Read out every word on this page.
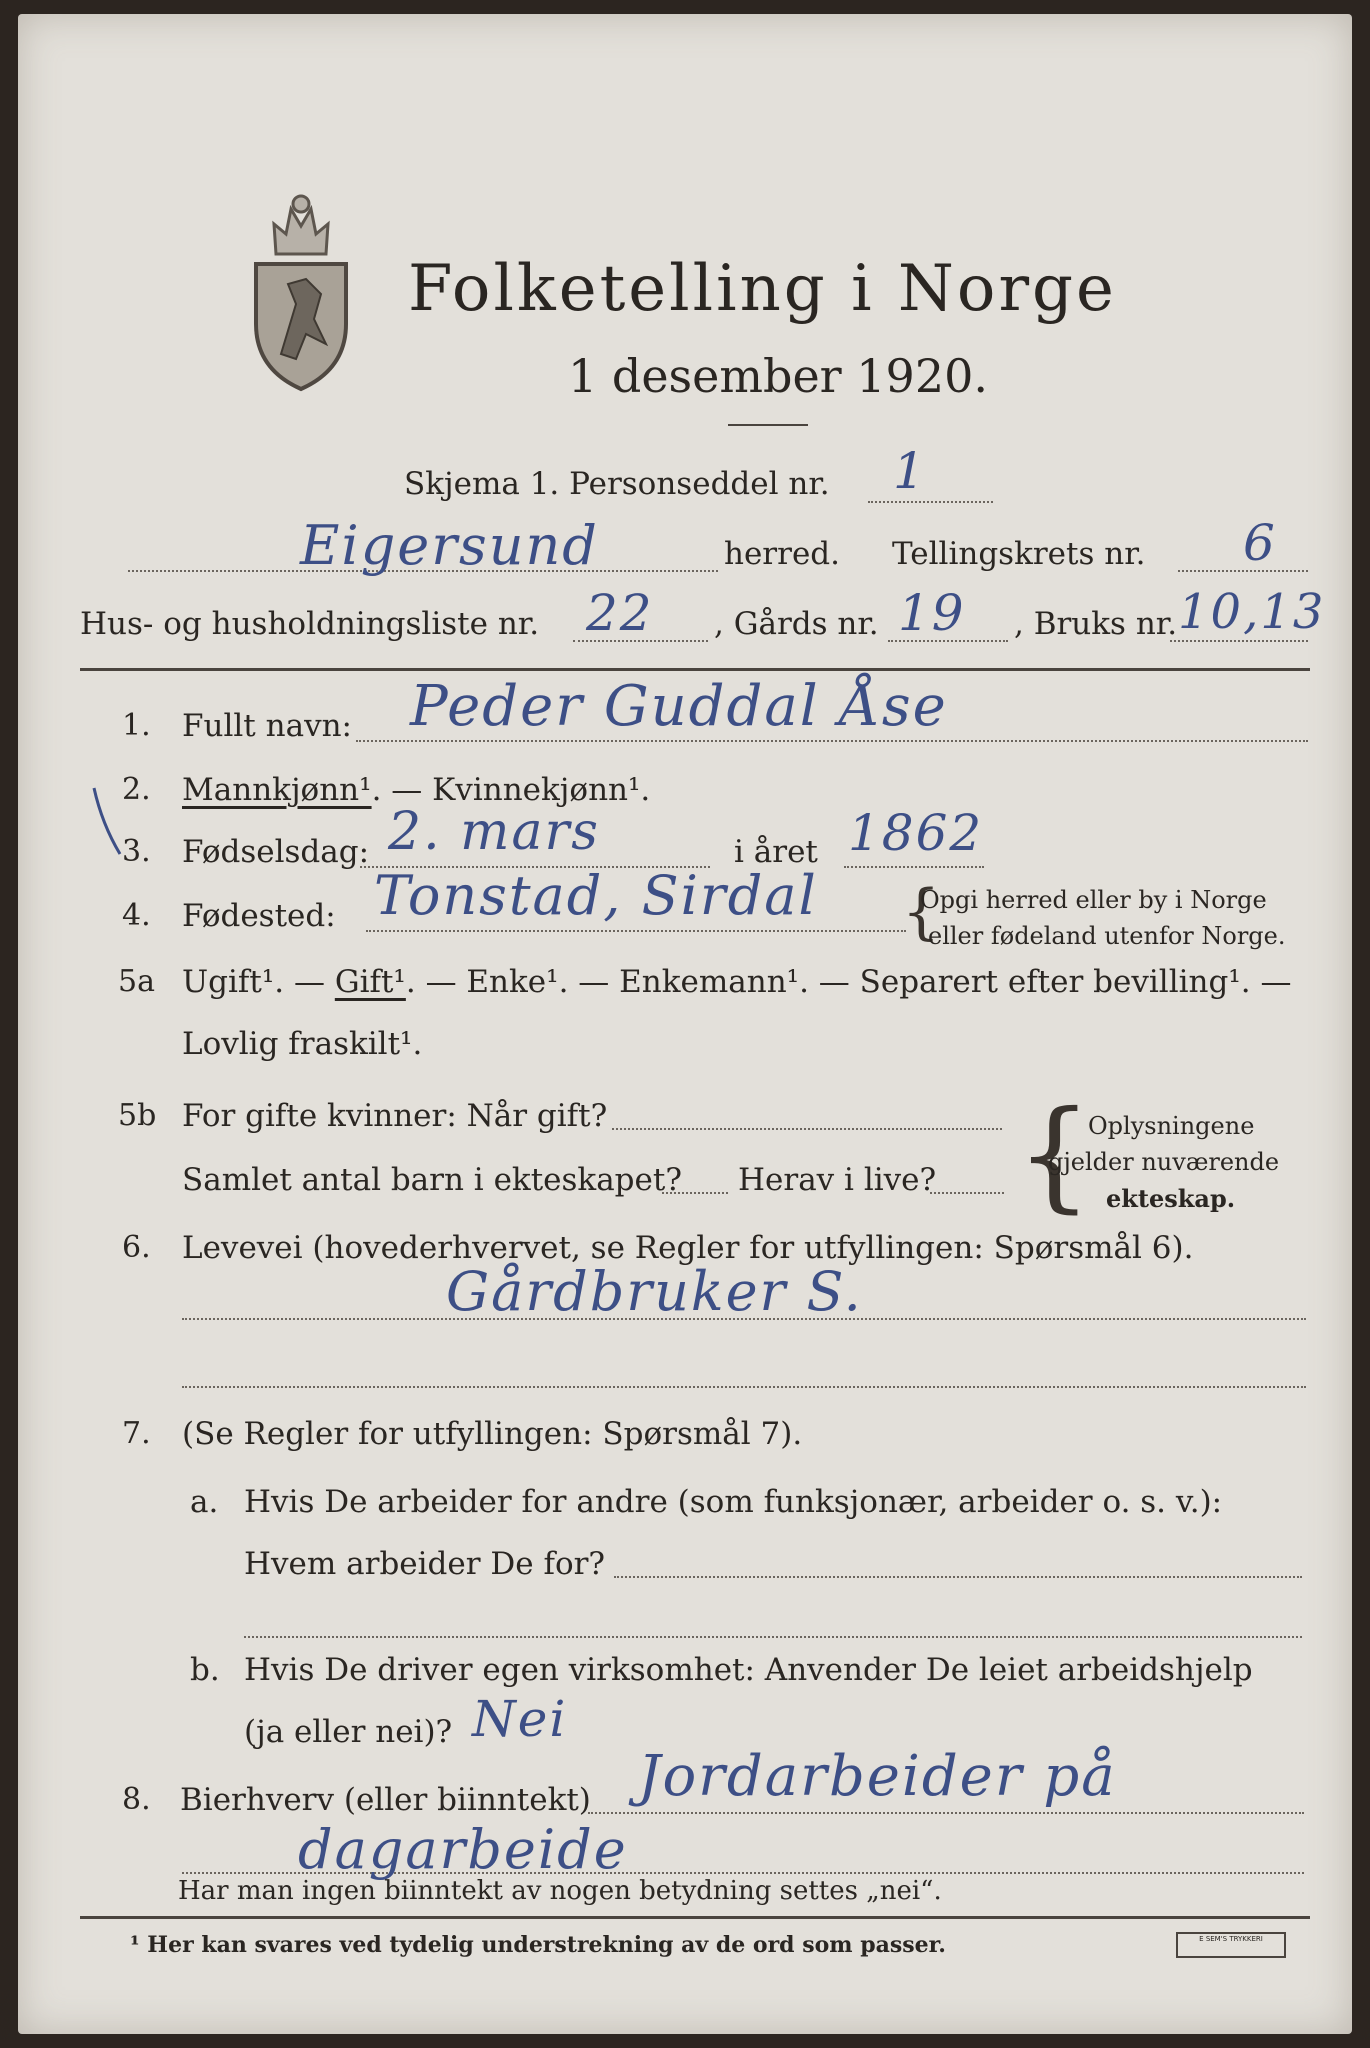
Folketelling i Norge
1 desember 1920.
Skjema 1. Personseddel nr. 1
Eigersund	herred. Tellingskrets nr. 6
Hus- og husholdningsliste nr. 22 , Gårds nr. 19 , Bruks nr. 10,13
1. Fullt navn: Peder Guddal Åse
2. Mannkjønn¹. — Kvinnekjønn¹.
3. Fødselsdag: 2. mars	i året 1862
4. Fødested: Tonstad, Sirdal {
Opgi herred eller by i Norge
eller fødeland utenfor Norge.
5a Ugift¹. — Gift¹. — Enke¹. — Enkemann¹. — Separert efter bevilling¹. —
Lovlig fraskilt¹.
5b For gifte kvinner: Når gift?
Samlet antal barn i ekteskapet? Herav i live? {
Oplysningene
gjelder nuværende
ekteskap.
6. Levevei (hovederhvervet, se Regler for utfyllingen: Spørsmål 6).
Gårdbruker S.
7. (Se Regler for utfyllingen: Spørsmål 7).
a. Hvis De arbeider for andre (som funksjonær, arbeider o. s. v.):
Hvem arbeider De for?
b. Hvis De driver egen virksomhet: Anvender De leiet arbeidshjelp
(ja eller nei)? Nei
8. Bierhverv (eller biinntekt) Jordarbeider på
dagarbeide
Har man ingen biinntekt av nogen betydning settes „nei“.
¹ Her kan svares ved tydelig understrekning av de ord som passer.	E SEM'S TRYKKERI
